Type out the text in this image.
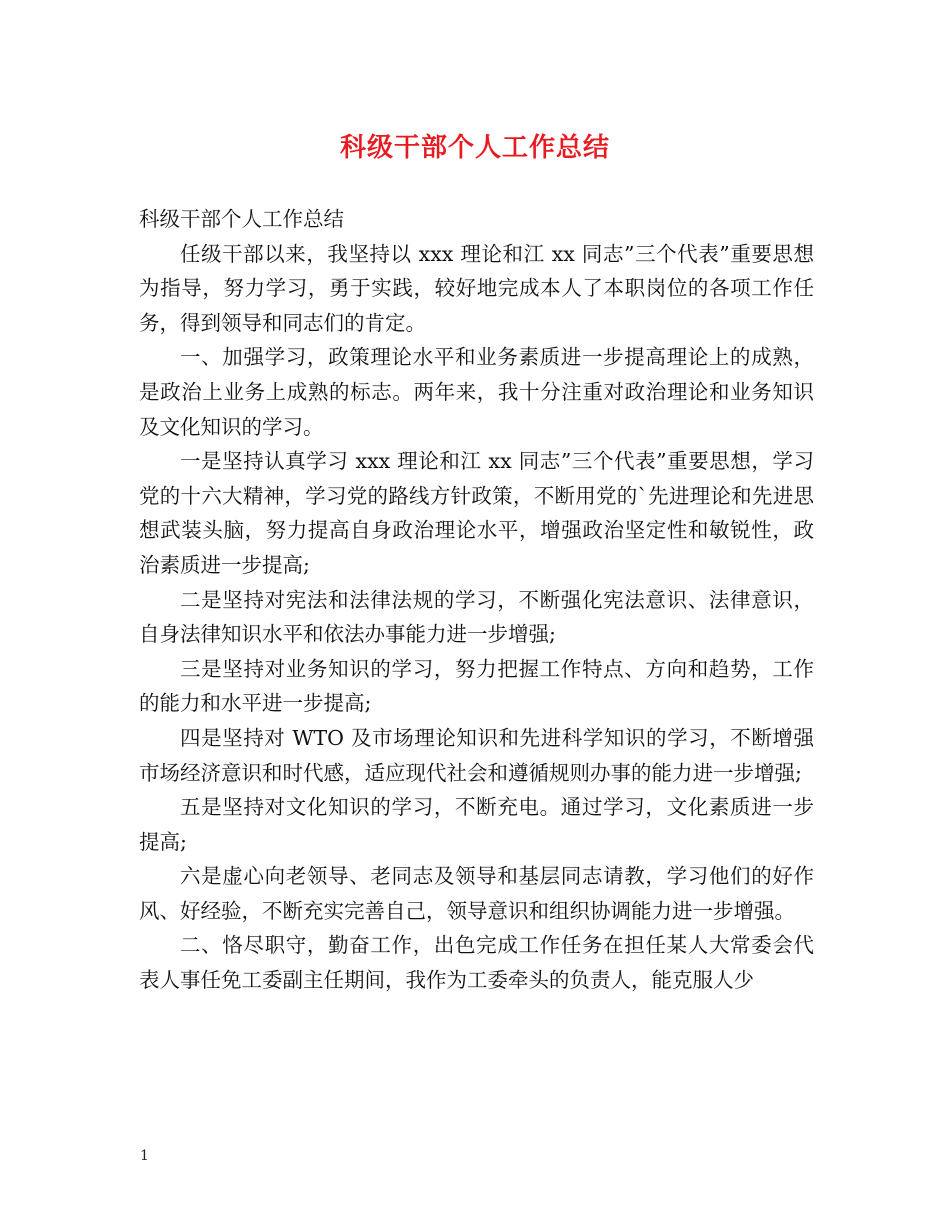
科级干部个人工作总结

科级干部个人工作总结

任级干部以来，我坚持以 xxx 理论和江 xx 同志”三个代表”重要思想为指导，努力学习，勇于实践，较好地完成本人了本职岗位的各项工作任务，得到领导和同志们的肯定。

一、加强学习，政策理论水平和业务素质进一步提高理论上的成熟，是政治上业务上成熟的标志。两年来，我十分注重对政治理论和业务知识及文化知识的学习。

一是坚持认真学习 xxx 理论和江 xx 同志”三个代表”重要思想，学习党的十六大精神，学习党的路线方针政策，不断用党的`先进理论和先进思想武装头脑，努力提高自身政治理论水平，增强政治坚定性和敏锐性，政治素质进一步提高;

二是坚持对宪法和法律法规的学习，不断强化宪法意识、法律意识，自身法律知识水平和依法办事能力进一步增强;

三是坚持对业务知识的学习，努力把握工作特点、方向和趋势，工作的能力和水平进一步提高;

四是坚持对 WTO 及市场理论知识和先进科学知识的学习，不断增强市场经济意识和时代感，适应现代社会和遵循规则办事的能力进一步增强;

五是坚持对文化知识的学习，不断充电。通过学习，文化素质进一步提高;

六是虚心向老领导、老同志及领导和基层同志请教，学习他们的好作风、好经验，不断充实完善自己，领导意识和组织协调能力进一步增强。

二、恪尽职守，勤奋工作，出色完成工作任务在担任某人大常委会代表人事任免工委副主任期间，我作为工委牵头的负责人，能克服人少

1
